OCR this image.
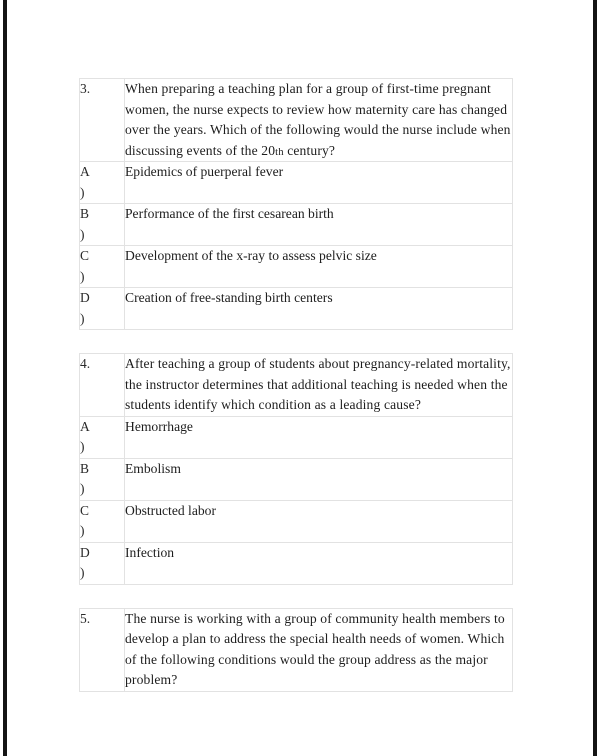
3.	When preparing a teaching plan for a group of first-time pregnant women, the nurse expects to review how maternity care has changed over the years. Which of the following would the nurse include when discussing events of the 20th century?

A)	Epidemics of puerperal fever

B)	Performance of the first cesarean birth

C)	Development of the x-ray to assess pelvic size

D)	Creation of free-standing birth centers
4.	After teaching a group of students about pregnancy-related mortality, the instructor determines that additional teaching is needed when the students identify which condition as a leading cause?

A)	Hemorrhage

B)	Embolism

C)	Obstructed labor

D)	Infection
5.	The nurse is working with a group of community health members to develop a plan to address the special health needs of women. Which of the following conditions would the group address as the major problem?
